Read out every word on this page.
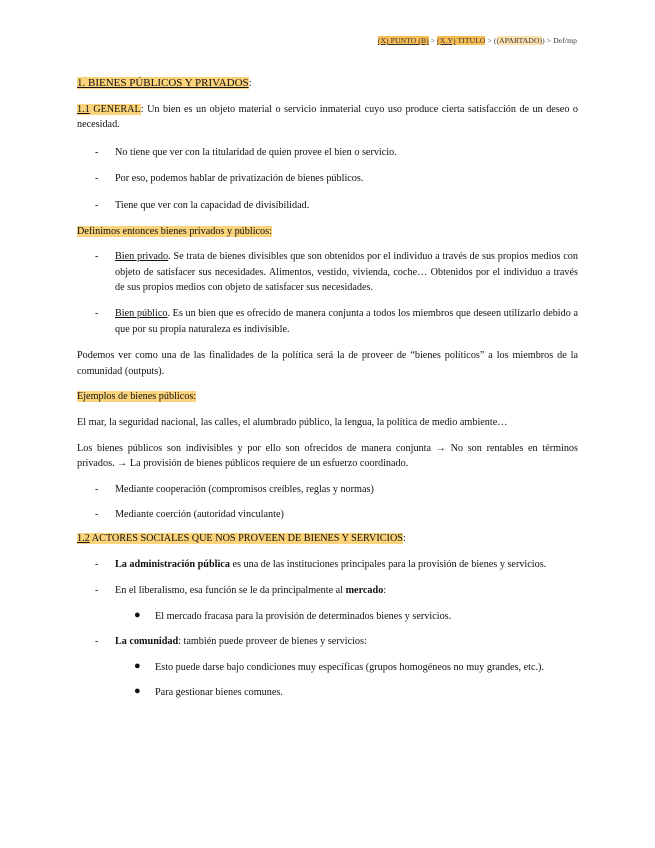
(X) PUNTO (B) > (X.Y) TITULO > ((APARTADO)) > Def/mp

1. BIENES PÚBLICOS Y PRIVADOS:

1.1 GENERAL: Un bien es un objeto material o servicio inmaterial cuyo uso produce cierta satisfacción de un deseo o necesidad.

- No tiene que ver con la titularidad de quien provee el bien o servicio.
- Por eso, podemos hablar de privatización de bienes públicos.
- Tiene que ver con la capacidad de divisibilidad.

Definimos entonces bienes privados y públicos:

- Bien privado. Se trata de bienes divisibles que son obtenidos por el individuo a través de sus propios medios con objeto de satisfacer sus necesidades. Alimentos, vestido, vivienda, coche… Obtenidos por el individuo a través de sus propios medios con objeto de satisfacer sus necesidades.
- Bien público. Es un bien que es ofrecido de manera conjunta a todos los miembros que deseen utilizarlo debido a que por su propia naturaleza es indivisible.

Podemos ver como una de las finalidades de la política será la de proveer de “bienes políticos” a los miembros de la comunidad (outputs).

Ejemplos de bienes públicos:

El mar, la seguridad nacional, las calles, el alumbrado público, la lengua, la política de medio ambiente…

Los bienes públicos son indivisibles y por ello son ofrecidos de manera conjunta → No son rentables en términos privados. → La provisión de bienes públicos requiere de un esfuerzo coordinado.

- Mediante cooperación (compromisos creíbles, reglas y normas)
- Mediante coerción (autoridad vinculante)

1.2 ACTORES SOCIALES QUE NOS PROVEEN DE BIENES Y SERVICIOS:

- La administración pública es una de las instituciones principales para la provisión de bienes y servicios.
- En el liberalismo, esa función se le da principalmente al mercado:
● El mercado fracasa para la provisión de determinados bienes y servicios.
- La comunidad: también puede proveer de bienes y servicios:
● Esto puede darse bajo condiciones muy específicas (grupos homogéneos no muy grandes, etc.).
● Para gestionar bienes comunes.
